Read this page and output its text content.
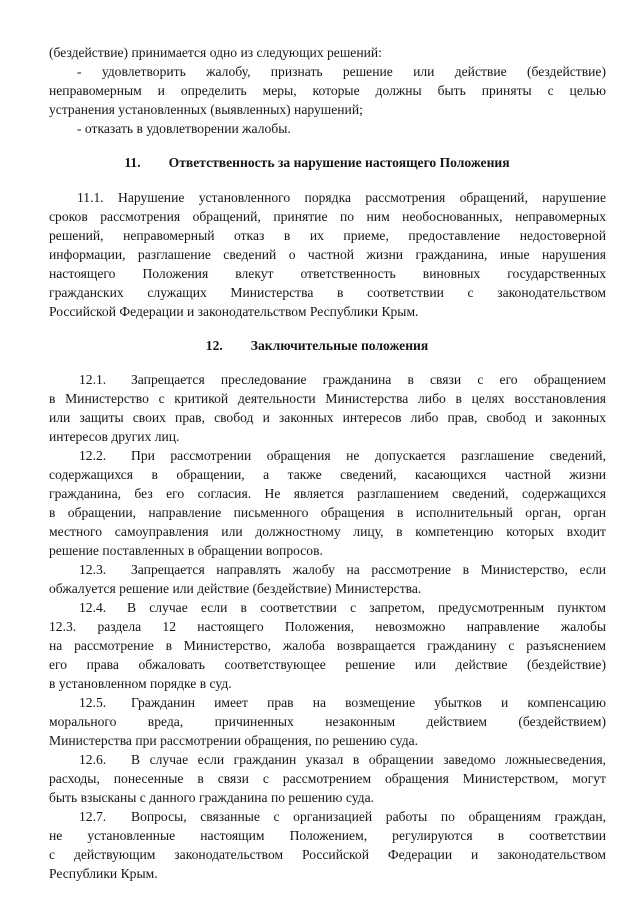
(бездействие) принимается одно из следующих решений:
- удовлетворить жалобу, признать решение или действие (бездействие)
неправомерным и определить меры, которые должны быть приняты с целью
устранения установленных (выявленных) нарушений;
- отказать в удовлетворении жалобы.
11. Ответственность за нарушение настоящего Положения
11.1. Нарушение установленного порядка рассмотрения обращений, нарушение
сроков рассмотрения обращений, принятие по ним необоснованных, неправомерных
решений, неправомерный отказ в их приеме, предоставление недостоверной
информации, разглашение сведений о частной жизни гражданина, иные нарушения
настоящего Положения влекут ответственность виновных государственных
гражданских служащих Министерства в соответствии с законодательством
Российской Федерации и законодательством Республики Крым.
12. Заключительные положения
12.1. Запрещается преследование гражданина в связи с его обращением
в Министерство с критикой деятельности Министерства либо в целях восстановления
или защиты своих прав, свобод и законных интересов либо прав, свобод и законных
интересов других лиц.
12.2. При рассмотрении обращения не допускается разглашение сведений,
содержащихся в обращении, а также сведений, касающихся частной жизни
гражданина, без его согласия. Не является разглашением сведений, содержащихся
в обращении, направление письменного обращения в исполнительный орган, орган
местного самоуправления или должностному лицу, в компетенцию которых входит
решение поставленных в обращении вопросов.
12.3. Запрещается направлять жалобу на рассмотрение в Министерство, если
обжалуется решение или действие (бездействие) Министерства.
12.4. В случае если в соответствии с запретом, предусмотренным пунктом
12.3. раздела 12 настоящего Положения, невозможно направление жалобы
на рассмотрение в Министерство, жалоба возвращается гражданину с разъяснением
его права обжаловать соответствующее решение или действие (бездействие)
в установленном порядке в суд.
12.5. Гражданин имеет прав на возмещение убытков и компенсацию
морального вреда, причиненных незаконным действием (бездействием)
Министерства при рассмотрении обращения, по решению суда.
12.6. В случае если гражданин указал в обращении заведомо ложныесведения,
расходы, понесенные в связи с рассмотрением обращения Министерством, могут
быть взысканы с данного гражданина по решению суда.
12.7. Вопросы, связанные с организацией работы по обращениям граждан,
не установленные настоящим Положением, регулируются в соответствии
с действующим законодательством Российской Федерации и законодательством
Республики Крым.
